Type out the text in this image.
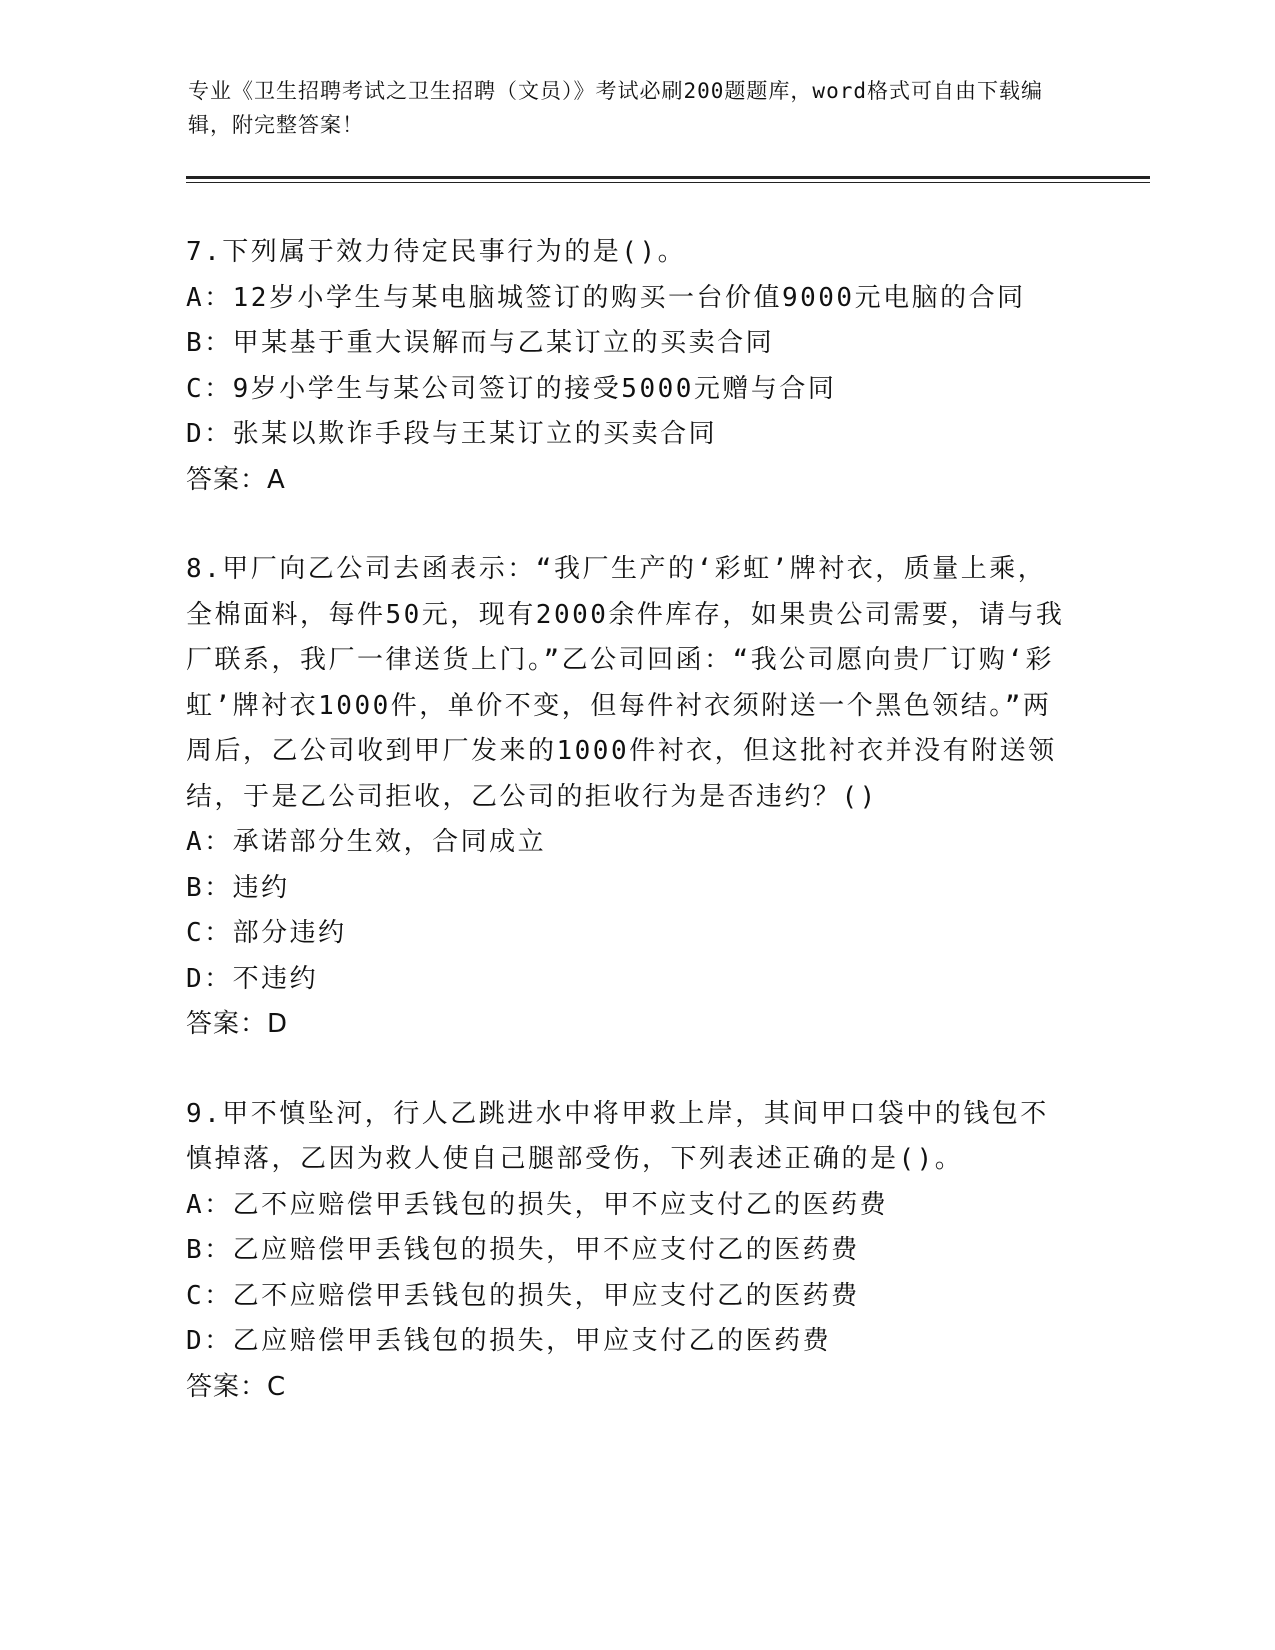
专业《卫生招聘考试之卫生招聘（文员）》考试必刷200题题库，word格式可自由下载编辑，附完整答案！
7.下列属于效力待定民事行为的是()。
A：12岁小学生与某电脑城签订的购买一台价值9000元电脑的合同
B：甲某基于重大误解而与乙某订立的买卖合同
C：9岁小学生与某公司签订的接受5000元赠与合同
D：张某以欺诈手段与王某订立的买卖合同
答案：A
8.甲厂向乙公司去函表示：“我厂生产的‘彩虹’牌衬衣，质量上乘，全棉面料，每件50元，现有2000余件库存，如果贵公司需要，请与我厂联系，我厂一律送货上门。”乙公司回函：“我公司愿向贵厂订购‘彩虹’牌衬衣1000件，单价不变，但每件衬衣须附送一个黑色领结。”两周后，乙公司收到甲厂发来的1000件衬衣，但这批衬衣并没有附送领结，于是乙公司拒收，乙公司的拒收行为是否违约？()
A：承诺部分生效，合同成立
B：违约
C：部分违约
D：不违约
答案：D
9.甲不慎坠河，行人乙跳进水中将甲救上岸，其间甲口袋中的钱包不慎掉落，乙因为救人使自己腿部受伤，下列表述正确的是()。
A：乙不应赔偿甲丢钱包的损失，甲不应支付乙的医药费
B：乙应赔偿甲丢钱包的损失，甲不应支付乙的医药费
C：乙不应赔偿甲丢钱包的损失，甲应支付乙的医药费
D：乙应赔偿甲丢钱包的损失，甲应支付乙的医药费
答案：C
